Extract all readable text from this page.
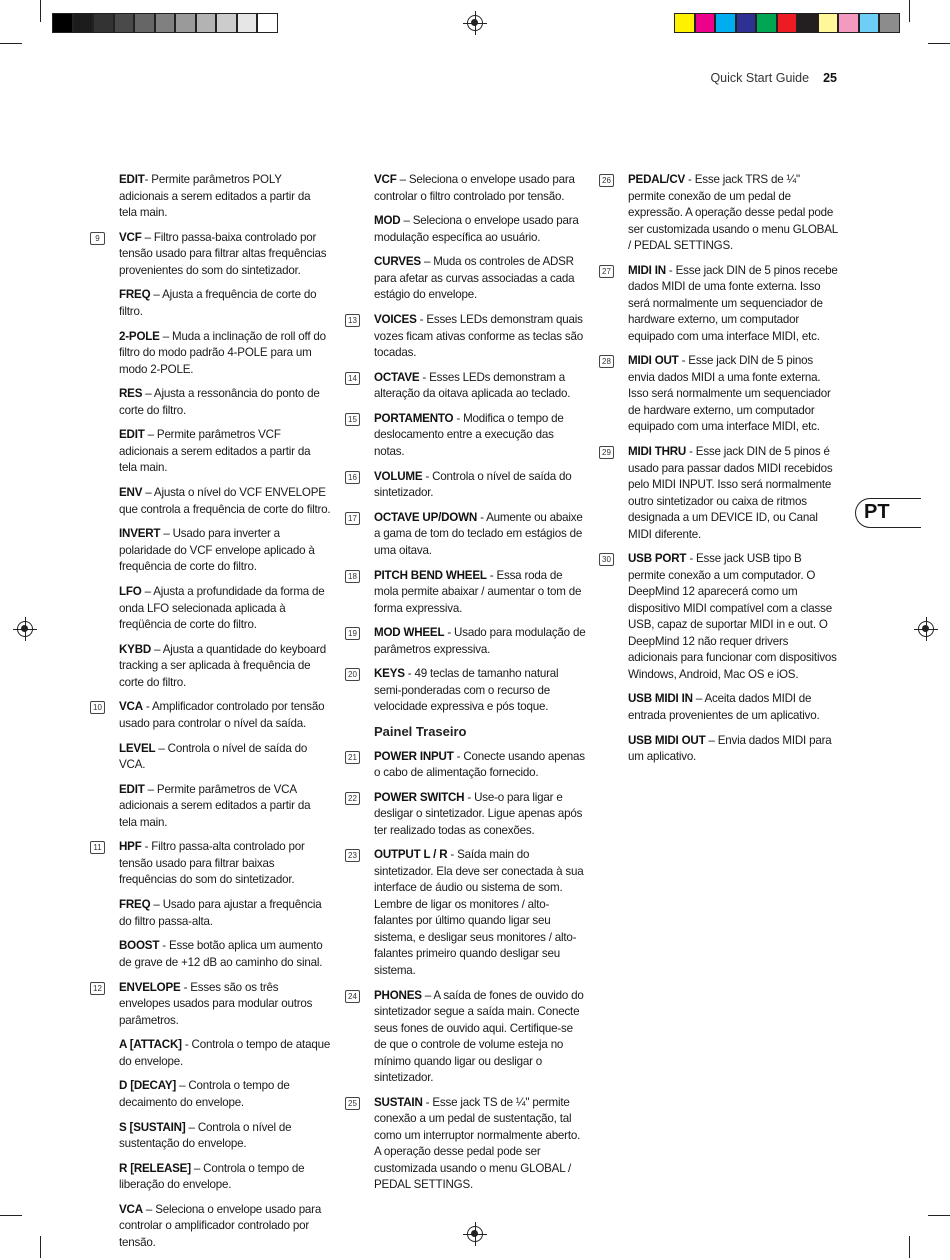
Quick Start Guide 25
EDIT- Permite parâmetros POLY adicionais a serem editados a partir da tela main.
9	VCF – Filtro passa-baixa controlado por tensão usado para filtrar altas frequências provenientes do som do sintetizador.
FREQ – Ajusta a frequência de corte do filtro.
2-POLE – Muda a inclinação de roll off do filtro do modo padrão 4-POLE para um modo 2-POLE.
RES – Ajusta a ressonância do ponto de corte do filtro.
EDIT – Permite parâmetros VCF adicionais a serem editados a partir da tela main.
ENV – Ajusta o nível do VCF ENVELOPE que controla a frequência de corte do filtro.
INVERT – Usado para inverter a polaridade do VCF envelope aplicado à frequência de corte do filtro.
LFO – Ajusta a profundidade da forma de onda LFO selecionada aplicada à freqüência de corte do filtro.
KYBD – Ajusta a quantidade do keyboard tracking a ser aplicada à frequência de corte do filtro.
10 VCA - Amplificador controlado por tensão usado para controlar o nível da saída.
LEVEL – Controla o nível de saída do VCA.
EDIT – Permite parâmetros de VCA adicionais a serem editados a partir da tela main.
11 HPF - Filtro passa-alta controlado por tensão usado para filtrar baixas frequências do som do sintetizador.
FREQ – Usado para ajustar a frequência do filtro passa-alta.
BOOST - Esse botão aplica um aumento de grave de +12 dB ao caminho do sinal.
12 ENVELOPE - Esses são os três envelopes usados para modular outros parâmetros.
A [ATTACK] - Controla o tempo de ataque do envelope.
D [DECAY] – Controla o tempo de decaimento do envelope.
S [SUSTAIN] – Controla o nível de sustentação do envelope.
R [RELEASE] – Controla o tempo de liberação do envelope.
VCA – Seleciona o envelope usado para controlar o amplificador controlado por tensão.
VCF – Seleciona o envelope usado para controlar o filtro controlado por tensão.
MOD – Seleciona o envelope usado para modulação específica ao usuário.
CURVES – Muda os controles de ADSR para afetar as curvas associadas a cada estágio do envelope.
13 VOICES - Esses LEDs demonstram quais vozes ficam ativas conforme as teclas são tocadas.
14 OCTAVE - Esses LEDs demonstram a alteração da oitava aplicada ao teclado.
15 PORTAMENTO - Modifica o tempo de deslocamento entre a execução das notas.
16 VOLUME - Controla o nível de saída do sintetizador.
17 OCTAVE UP/DOWN - Aumente ou abaixe a gama de tom do teclado em estágios de uma oitava.
18 PITCH BEND WHEEL - Essa roda de mola permite abaixar / aumentar o tom de forma expressiva.
19 MOD WHEEL - Usado para modulação de parâmetros expressiva.
20 KEYS - 49 teclas de tamanho natural semi-ponderadas com o recurso de velocidade expressiva e pós toque.
Painel Traseiro
21 POWER INPUT - Conecte usando apenas o cabo de alimentação fornecido.
22 POWER SWITCH - Use-o para ligar e desligar o sintetizador. Ligue apenas após ter realizado todas as conexões.
23 OUTPUT L / R - Saída main do sintetizador. Ela deve ser conectada à sua interface de áudio ou sistema de som. Lembre de ligar os monitores / alto-falantes por último quando ligar seu sistema, e desligar seus monitores / alto-falantes primeiro quando desligar seu sistema.
24 PHONES – A saída de fones de ouvido do sintetizador segue a saída main. Conecte seus fones de ouvido aqui. Certifique-se de que o controle de volume esteja no mínimo quando ligar ou desligar o sintetizador.
25 SUSTAIN - Esse jack TS de ¼" permite conexão a um pedal de sustentação, tal como um interruptor normalmente aberto. A operação desse pedal pode ser customizada usando o menu GLOBAL / PEDAL SETTINGS.
26 PEDAL/CV - Esse jack TRS de ¼" permite conexão de um pedal de expressão. A operação desse pedal pode ser customizada usando o menu GLOBAL / PEDAL SETTINGS.
27 MIDI IN - Esse jack DIN de 5 pinos recebe dados MIDI de uma fonte externa. Isso será normalmente um sequenciador de hardware externo, um computador equipado com uma interface MIDI, etc.
28 MIDI OUT - Esse jack DIN de 5 pinos envia dados MIDI a uma fonte externa. Isso será normalmente um sequenciador de hardware externo, um computador equipado com uma interface MIDI, etc.
29 MIDI THRU - Esse jack DIN de 5 pinos é usado para passar dados MIDI recebidos pelo MIDI INPUT. Isso será normalmente outro sintetizador ou caixa de ritmos designada a um DEVICE ID, ou Canal MIDI diferente.
30 USB PORT - Esse jack USB tipo B permite conexão a um computador. O DeepMind 12 aparecerá como um dispositivo MIDI compatível com a classe USB, capaz de suportar MIDI in e out. O DeepMind 12 não requer drivers adicionais para funcionar com dispositivos Windows, Android, Mac OS e iOS.
USB MIDI IN – Aceita dados MIDI de entrada provenientes de um aplicativo.
USB MIDI OUT – Envia dados MIDI para um aplicativo.
PT
